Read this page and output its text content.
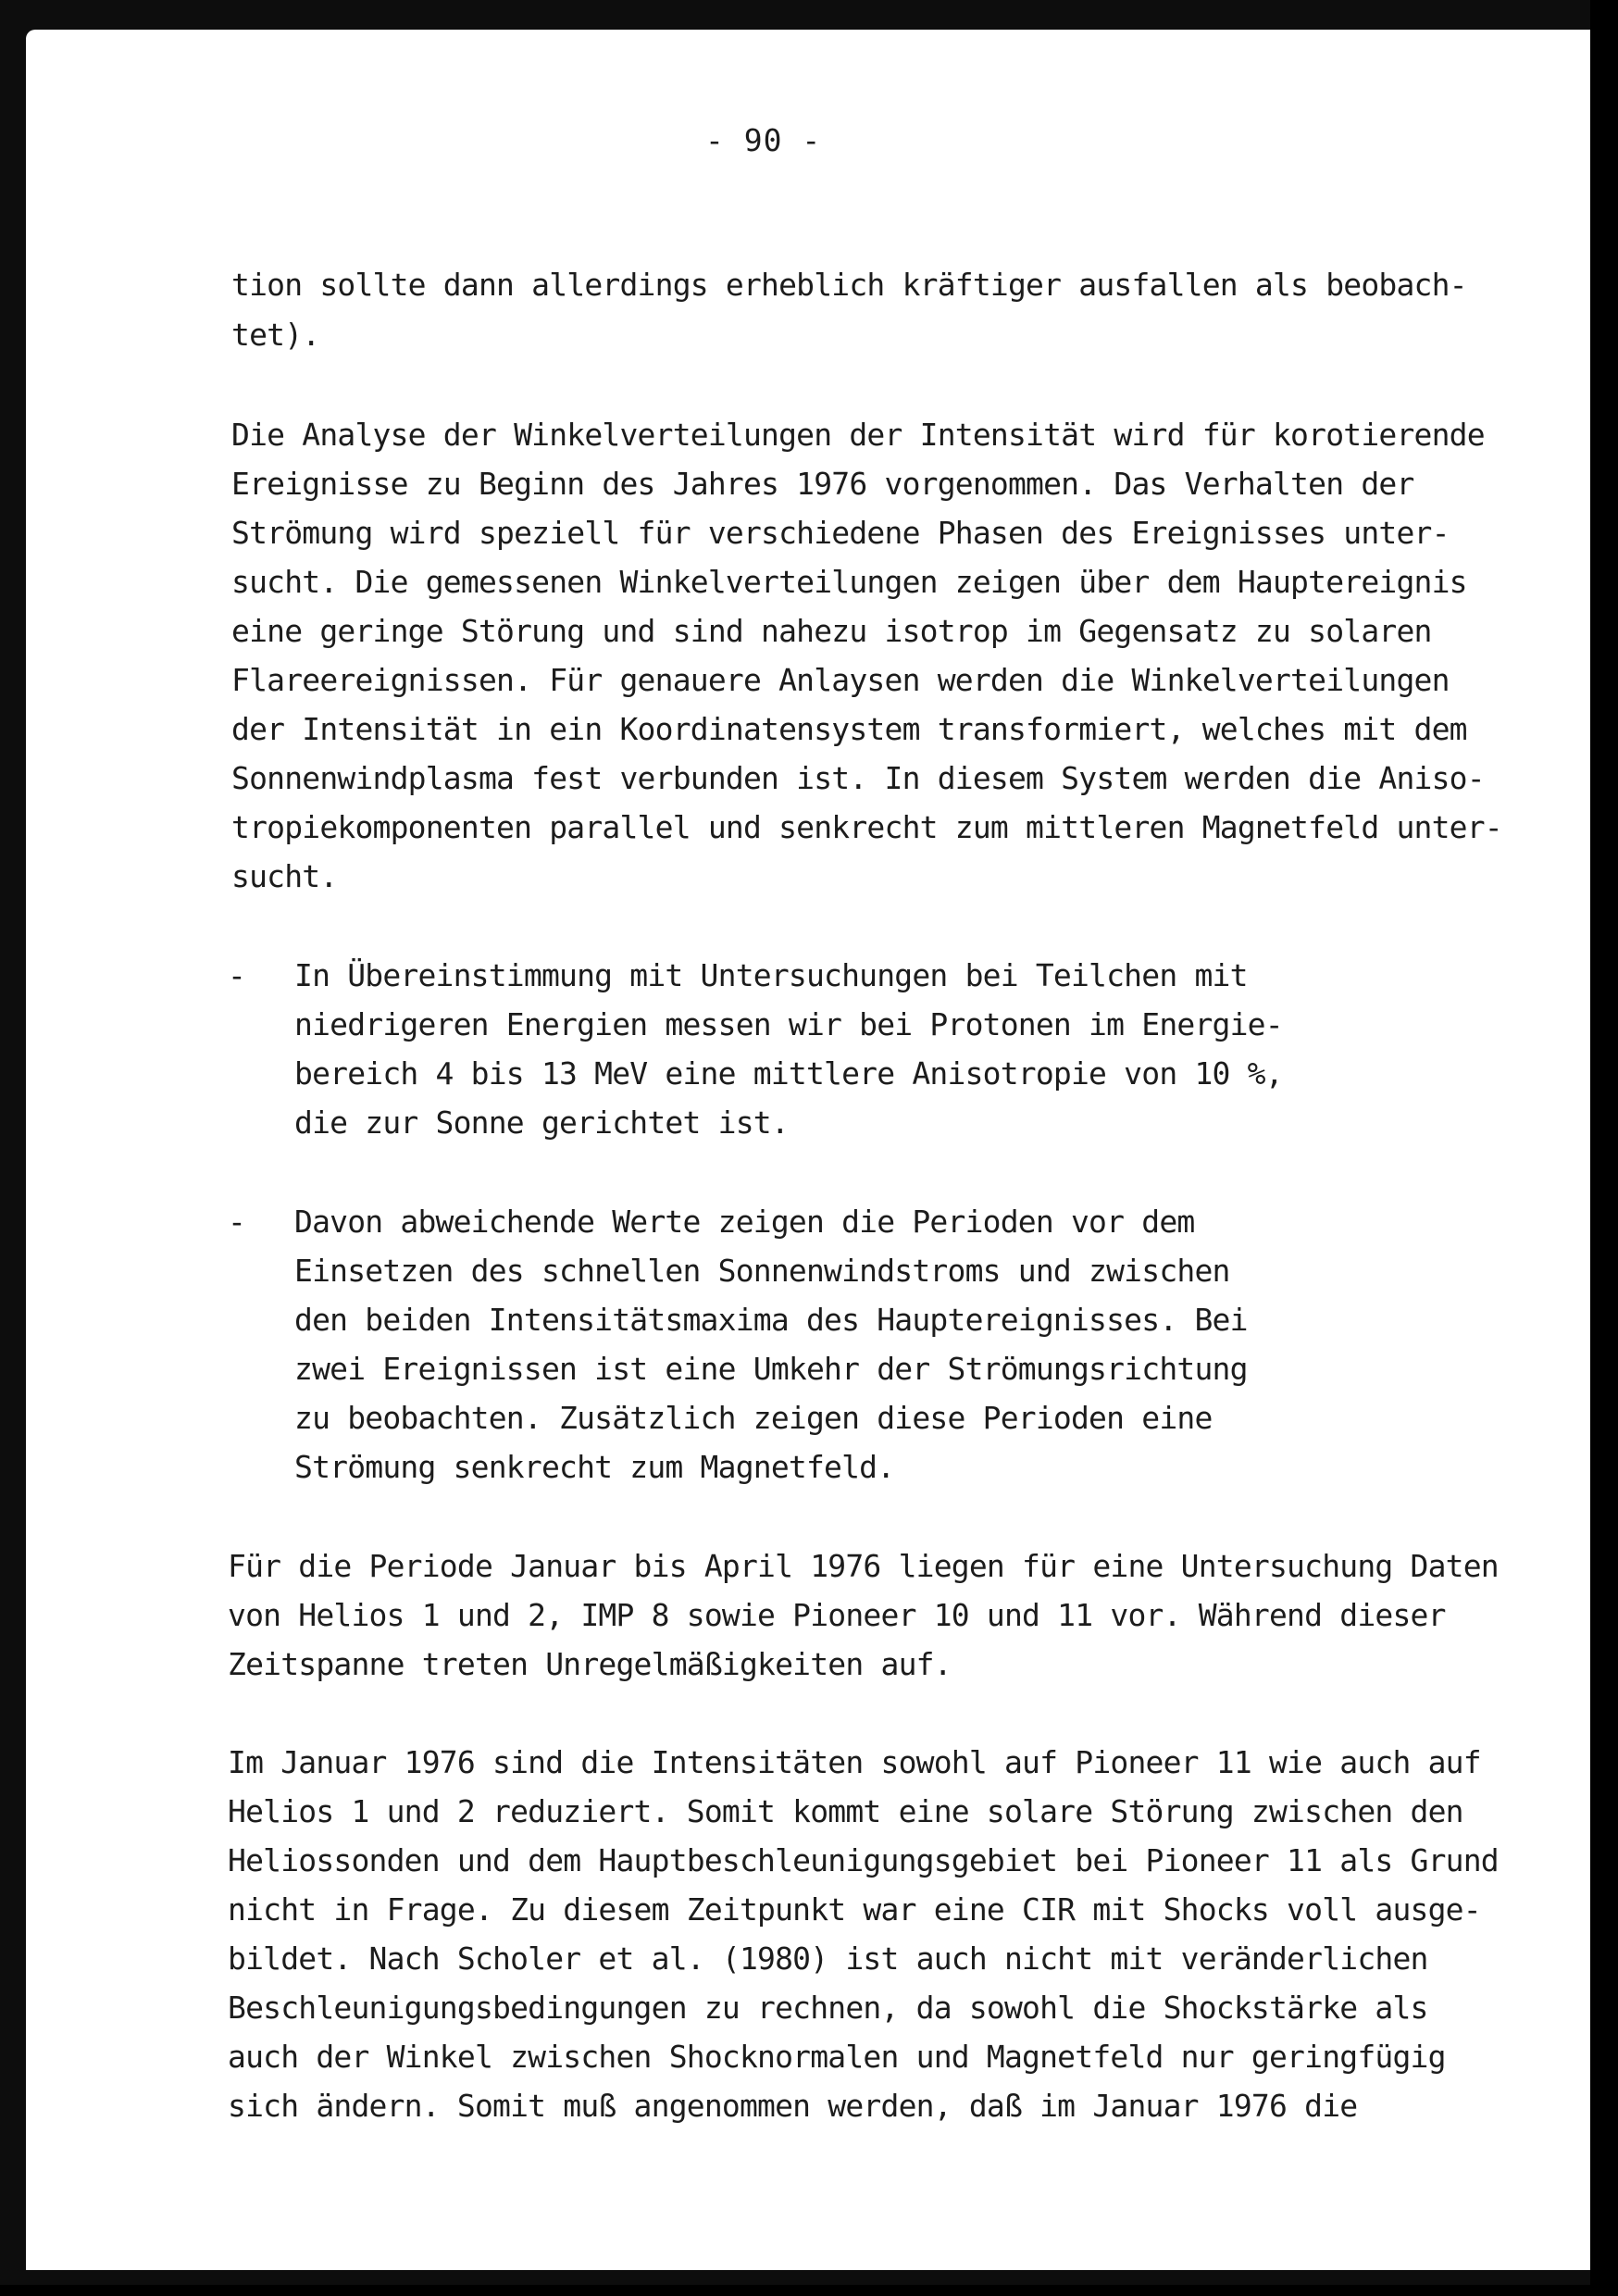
- 90 -

tion sollte dann allerdings erheblich kräftiger ausfallen als beobach-

tet).

Die Analyse der Winkelverteilungen der Intensität wird für korotierende

Ereignisse zu Beginn des Jahres 1976 vorgenommen. Das Verhalten der

Strömung wird speziell für verschiedene Phasen des Ereignisses unter-

sucht. Die gemessenen Winkelverteilungen zeigen über dem Hauptereignis

eine geringe Störung und sind nahezu isotrop im Gegensatz zu solaren

Flareereignissen. Für genauere Anlaysen werden die Winkelverteilungen

der Intensität in ein Koordinatensystem transformiert, welches mit dem

Sonnenwindplasma fest verbunden ist. In diesem System werden die Aniso-

tropiekomponenten parallel und senkrecht zum mittleren Magnetfeld unter-

sucht.

- In Übereinstimmung mit Untersuchungen bei Teilchen mit

niedrigeren Energien messen wir bei Protonen im Energie-

bereich 4 bis 13 MeV eine mittlere Anisotropie von 10 %,

die zur Sonne gerichtet ist.

- Davon abweichende Werte zeigen die Perioden vor dem

Einsetzen des schnellen Sonnenwindstroms und zwischen

den beiden Intensitätsmaxima des Hauptereignisses. Bei

zwei Ereignissen ist eine Umkehr der Strömungsrichtung

zu beobachten. Zusätzlich zeigen diese Perioden eine

Strömung senkrecht zum Magnetfeld.

Für die Periode Januar bis April 1976 liegen für eine Untersuchung Daten

von Helios 1 und 2, IMP 8 sowie Pioneer 10 und 11 vor. Während dieser

Zeitspanne treten Unregelmäßigkeiten auf.

Im Januar 1976 sind die Intensitäten sowohl auf Pioneer 11 wie auch auf

Helios 1 und 2 reduziert. Somit kommt eine solare Störung zwischen den

Heliossonden und dem Hauptbeschleunigungsgebiet bei Pioneer 11 als Grund

nicht in Frage. Zu diesem Zeitpunkt war eine CIR mit Shocks voll ausge-

bildet. Nach Scholer et al. (1980) ist auch nicht mit veränderlichen

Beschleunigungsbedingungen zu rechnen, da sowohl die Shockstärke als

auch der Winkel zwischen Shocknormalen und Magnetfeld nur geringfügig

sich ändern. Somit muß angenommen werden, daß im Januar 1976 die
